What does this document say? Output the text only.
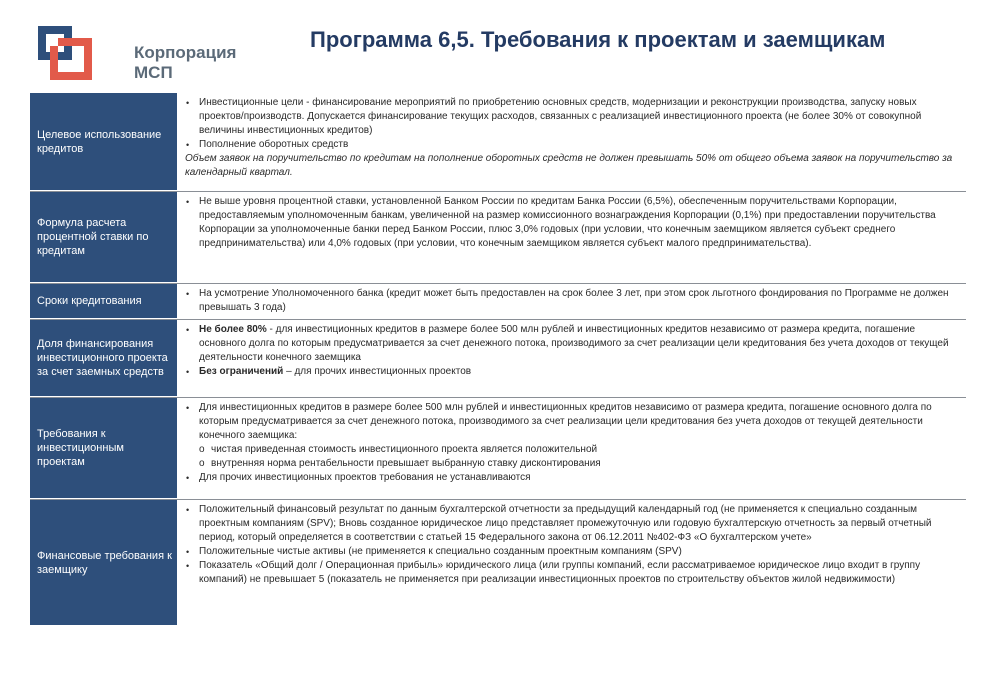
Корпорация
МСП
Программа 6,5. Требования к проектам и заемщикам
Целевое использование кредитов
• Инвестиционные цели - финансирование мероприятий по приобретению основных средств, модернизации и реконструкции производства, запуску новых проектов/производств. Допускается финансирование текущих расходов, связанных с реализацией инвестиционного проекта (не более 30% от совокупной величины инвестиционных кредитов)
• Пополнение оборотных средств
Объем заявок на поручительство по кредитам на пополнение оборотных средств не должен превышать 50% от общего объема заявок на поручительство за календарный квартал.
Формула расчета процентной ставки по кредитам
• Не выше уровня процентной ставки, установленной Банком России по кредитам Банка России (6,5%), обеспеченным поручительствами Корпорации, предоставляемым уполномоченным банкам, увеличенной на размер комиссионного вознаграждения Корпорации (0,1%) при предоставлении поручительства Корпорации за уполномоченные банки перед Банком России, плюс 3,0% годовых (при условии, что конечным заемщиком является субъект среднего предпринимательства) или 4,0% годовых (при условии, что конечным заемщиком является субъект малого предпринимательства).
Сроки кредитования
• На усмотрение Уполномоченного банка (кредит может быть предоставлен на срок более 3 лет, при этом срок льготного фондирования по Программе не должен превышать 3 года)
Доля финансирования инвестиционного проекта за счет заемных средств
• Не более 80% - для инвестиционных кредитов в размере более 500 млн рублей и инвестиционных кредитов независимо от размера кредита, погашение основного долга по которым предусматривается за счет денежного потока, производимого за счет реализации цели кредитования без учета доходов от текущей деятельности конечного заемщика
• Без ограничений – для прочих инвестиционных проектов
Требования к инвестиционным проектам
• Для инвестиционных кредитов в размере более 500 млн рублей и инвестиционных кредитов независимо от размера кредита, погашение основного долга по которым предусматривается за счет денежного потока, производимого за счет реализации цели кредитования без учета доходов от текущей деятельности конечного заемщика:
o чистая приведенная стоимость инвестиционного проекта является положительной
o внутренняя норма рентабельности превышает выбранную ставку дисконтирования
• Для прочих инвестиционных проектов требования не устанавливаются
Финансовые требования к заемщику
• Положительный финансовый результат по данным бухгалтерской отчетности за предыдущий календарный год (не применяется к специально созданным проектным компаниям (SPV); Вновь созданное юридическое лицо представляет промежуточную или годовую бухгалтерскую отчетность за первый отчетный период, который определяется в соответствии с статьей 15 Федерального закона от 06.12.2011 №402-ФЗ «О бухгалтерском учете»
• Положительные чистые активы (не применяется к специально созданным проектным компаниям (SPV)
• Показатель «Общий долг / Операционная прибыль» юридического лица (или группы компаний, если рассматриваемое юридическое лицо входит в группу компаний) не превышает 5 (показатель не применяется при реализации инвестиционных проектов по строительству объектов жилой недвижимости)
